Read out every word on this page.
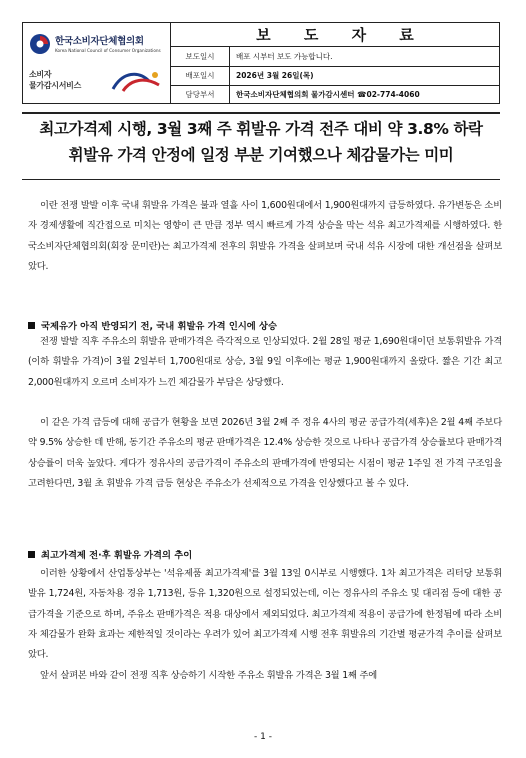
한국소비자단체협의회
Korea National Council of Consumer Organizations
소비자
물가감시서비스
보 도 자 료
보도일시	배포 시부터 보도 가능합니다.
배포일시	2026년 3월 26일(목)
담당부서	한국소비자단체협의회 물가감시센터 ☎02-774-4060
최고가격제 시행, 3월 3째 주 휘발유 가격 전주 대비 약 3.8% 하락
휘발유 가격 안정에 일정 부분 기여했으나 체감물가는 미미
이란 전쟁 발발 이후 국내 휘발유 가격은 불과 열흘 사이 1,600원대에서 1,900원대까지 급등하였다. 유가변동은 소비자 경제생활에 직간접으로 미치는 영향이 큰 만큼 정부 역시 빠르게 가격 상승을 막는 석유 최고가격제를 시행하였다. 한국소비자단체협의회(회장 문미란)는 최고가격제 전후의 휘발유 가격을 살펴보며 국내 석유 시장에 대한 개선점을 살펴보았다.
국제유가 아직 반영되기 전, 국내 휘발유 가격 인시에 상승
전쟁 발발 직후 주유소의 휘발유 판매가격은 즉각적으로 인상되었다. 2월 28일 평균 1,690원대이던 보통휘발유 가격(이하 휘발유 가격)이 3월 2일부터 1,700원대로 상승, 3월 9일 이후에는 평균 1,900원대까지 올랐다. 짧은 기간 최고 2,000원대까지 오르며 소비자가 느낀 체감물가 부담은 상당했다.
이 같은 가격 급등에 대해 공급가 현황을 보면 2026년 3월 2째 주 정유 4사의 평균 공급가격(세후)은 2월 4째 주보다 약 9.5% 상승한 데 반해, 동기간 주유소의 평균 판매가격은 12.4% 상승한 것으로 나타나 공급가격 상승률보다 판매가격 상승률이 더욱 높았다. 게다가 정유사의 공급가격이 주유소의 판매가격에 반영되는 시점이 평균 1주일 전 가격 구조임을 고려한다면, 3월 초 휘발유 가격 급등 현상은 주유소가 선제적으로 가격을 인상했다고 볼 수 있다.
최고가격제 전·후 휘발유 가격의 추이
이러한 상황에서 산업통상부는 '석유제품 최고가격제'를 3월 13일 0시부로 시행했다. 1차 최고가격은 리터당 보통휘발유 1,724원, 자동차용 경유 1,713원, 등유 1,320원으로 설정되었는데, 이는 정유사의 주유소 및 대리점 등에 대한 공급가격을 기준으로 하며, 주유소 판매가격은 적용 대상에서 제외되었다. 최고가격제 적용이 공급가에 한정됨에 따라 소비자 체감물가 완화 효과는 제한적일 것이라는 우려가 있어 최고가격제 시행 전후 휘발유의 기간별 평균가격 추이를 살펴보았다.
앞서 살펴본 바와 같이 전쟁 직후 상승하기 시작한 주유소 휘발유 가격은 3월 1째 주에
- 1 -
